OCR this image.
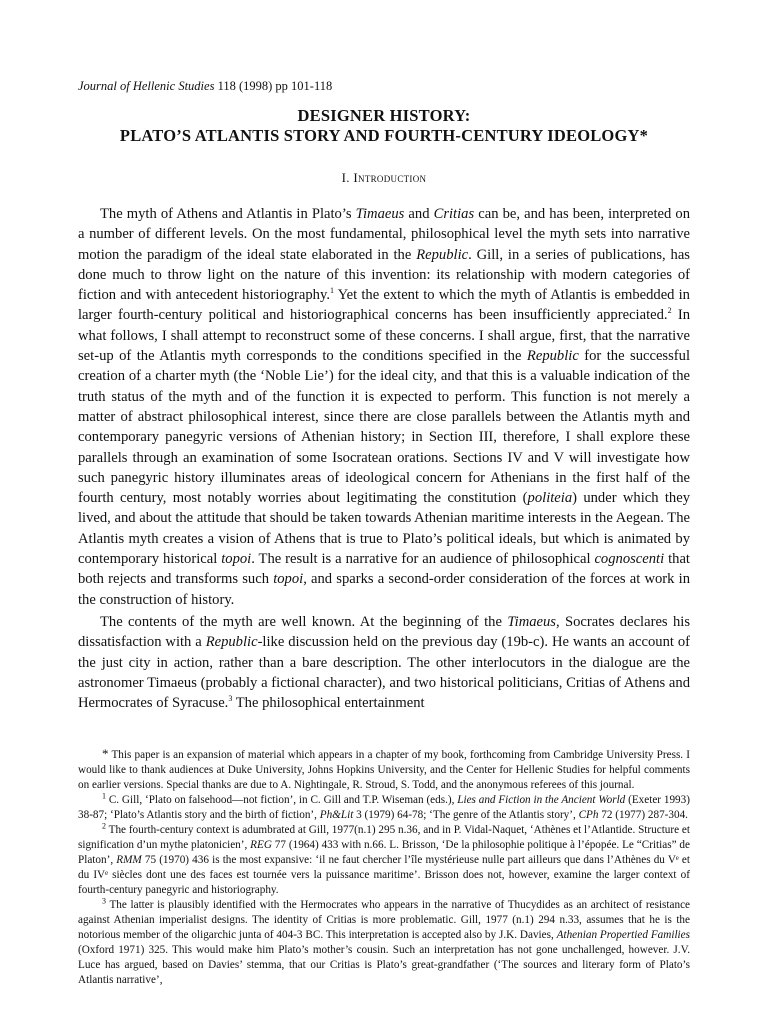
Journal of Hellenic Studies 118 (1998) pp 101-118
DESIGNER HISTORY:
PLATO’S ATLANTIS STORY AND FOURTH-CENTURY IDEOLOGY*
I. Introduction

The myth of Athens and Atlantis in Plato’s Timaeus and Critias can be, and has been, interpreted on a number of different levels. On the most fundamental, philosophical level the myth sets into narrative motion the paradigm of the ideal state elaborated in the Republic. Gill, in a series of publications, has done much to throw light on the nature of this invention: its relationship with modern categories of fiction and with antecedent historiography.$^1$ Yet the extent to which the myth of Atlantis is embedded in larger fourth-century political and historiographical concerns has been insufficiently appreciated.$^2$ In what follows, I shall attempt to reconstruct some of these concerns. I shall argue, first, that the narrative set-up of the Atlantis myth corresponds to the conditions specified in the Republic for the successful creation of a charter myth (the ‘Noble Lie’) for the ideal city, and that this is a valuable indication of the truth status of the myth and of the function it is expected to perform. This function is not merely a matter of abstract philosophical interest, since there are close parallels between the Atlantis myth and contemporary panegyric versions of Athenian history; in Section III, therefore, I shall explore these parallels through an examination of some Isocratean orations. Sections IV and V will investigate how such panegyric history illuminates areas of ideological concern for Athenians in the first half of the fourth century, most notably worries about legitimating the constitution (politeia) under which they lived, and about the attitude that should be taken towards Athenian maritime interests in the Aegean. The Atlantis myth creates a vision of Athens that is true to Plato’s political ideals, but which is animated by contemporary historical topoi. The result is a narrative for an audience of philosophical cognoscenti that both rejects and transforms such topoi, and sparks a second-order consideration of the forces at work in the construction of history.

The contents of the myth are well known. At the beginning of the Timaeus, Socrates declares his dissatisfaction with a Republic-like discussion held on the previous day (19b-c). He wants an account of the just city in action, rather than a bare description. The other interlocutors in the dialogue are the astronomer Timaeus (probably a fictional character), and two historical politicians, Critias of Athens and Hermocrates of Syracuse.$^3$ The philosophical entertainment

* This paper is an expansion of material which appears in a chapter of my book, forthcoming from Cambridge University Press. I would like to thank audiences at Duke University, Johns Hopkins University, and the Center for Hellenic Studies for helpful comments on earlier versions. Special thanks are due to A. Nightingale, R. Stroud, S. Todd, and the anonymous referees of this journal.

$^1$ C. Gill, ‘Plato on falsehood—not fiction’, in C. Gill and T.P. Wiseman (eds.), Lies and Fiction in the Ancient World (Exeter 1993) 38-87; ‘Plato’s Atlantis story and the birth of fiction’, Ph&Lit 3 (1979) 64-78; ‘The genre of the Atlantis story’, CPh 72 (1977) 287-304.

$^2$ The fourth-century context is adumbrated at Gill, 1977(n.1) 295 n.36, and in P. Vidal-Naquet, ‘Athènes et l’Atlantide. Structure et signification d’un mythe platonicien’, REG 77 (1964) 433 with n.66. L. Brisson, ‘De la philosophie politique à l’épopée. Le “Critias” de Platon’, RMM 75 (1970) 436 is the most expansive: ‘il ne faut chercher l’île mystérieuse nulle part ailleurs que dans l’Athènes du Vᵉ et du IVᵉ siècles dont une des faces est tournée vers la puissance maritime’. Brisson does not, however, examine the larger context of fourth-century panegyric and historiography.

$^3$ The latter is plausibly identified with the Hermocrates who appears in the narrative of Thucydides as an architect of resistance against Athenian imperialist designs. The identity of Critias is more problematic. Gill, 1977 (n.1) 294 n.33, assumes that he is the notorious member of the oligarchic junta of 404-3 BC. This interpretation is accepted also by J.K. Davies, Athenian Propertied Families (Oxford 1971) 325. This would make him Plato’s mother’s cousin. Such an interpretation has not gone unchallenged, however. J.V. Luce has argued, based on Davies’ stemma, that our Critias is Plato’s great-grandfather (‘The sources and literary form of Plato’s Atlantis narrative’,
